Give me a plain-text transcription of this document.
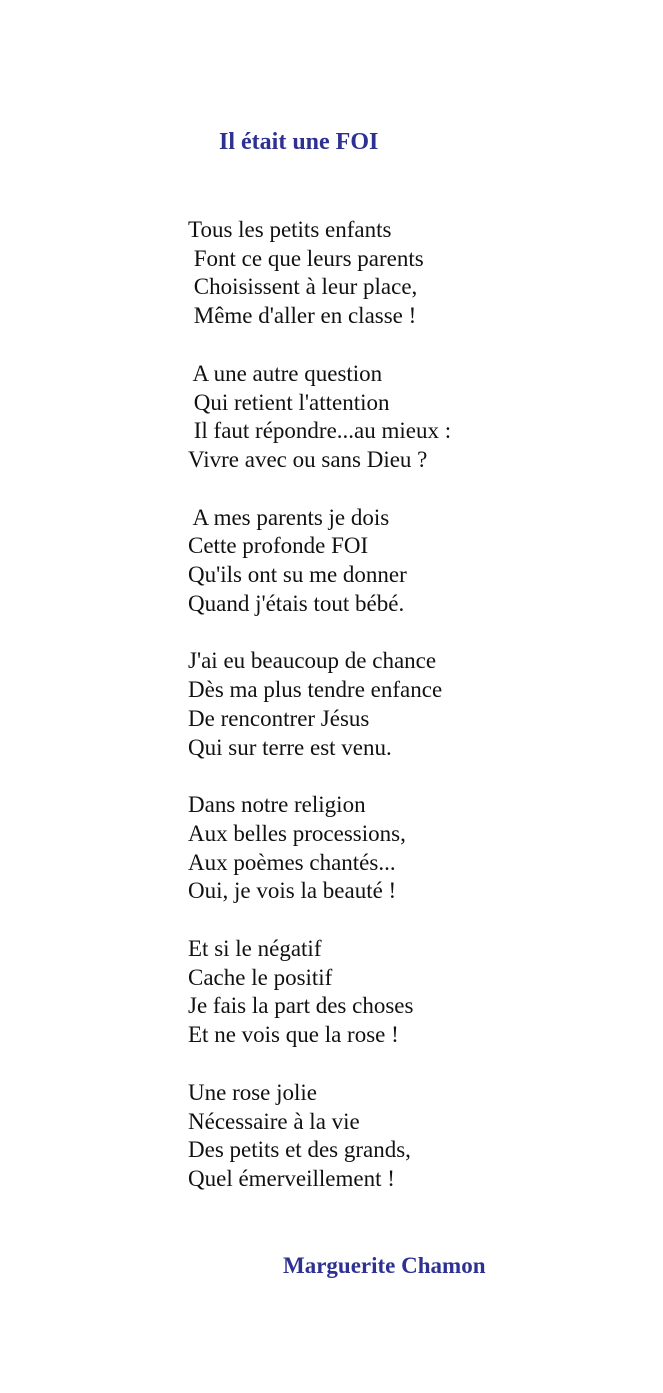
Il était une FOI
Tous les petits enfants
Font ce que leurs parents
Choisissent à leur place,
Même d'aller en classe !
A une autre question
Qui retient l'attention
Il faut répondre...au mieux :
Vivre avec ou sans Dieu ?
A mes parents je dois
Cette profonde FOI
Qu'ils ont su me donner
Quand j'étais tout bébé.
J'ai eu beaucoup de chance
Dès ma plus tendre enfance
De rencontrer Jésus
Qui sur terre est venu.
Dans notre religion
Aux belles processions,
Aux poèmes chantés...
Oui, je vois la beauté !
Et si le négatif
Cache le positif
Je fais la part des choses
Et ne vois que la rose !
Une rose jolie
Nécessaire à la vie
Des petits et des grands,
Quel émerveillement !

Marguerite Chamon
